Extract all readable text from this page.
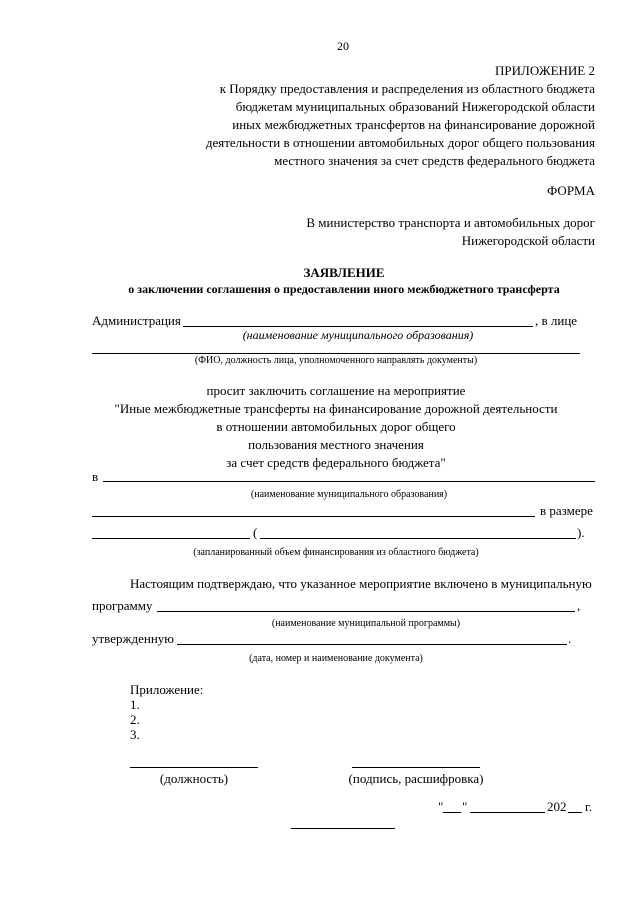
20
ПРИЛОЖЕНИЕ 2
к Порядку предоставления и распределения из областного бюджета
бюджетам муниципальных образований Нижегородской области
иных межбюджетных трансфертов на финансирование дорожной
деятельности в отношении автомобильных дорог общего пользования
местного значения за счет средств федерального бюджета
ФОРМА
В министерство транспорта и автомобильных дорог
Нижегородской области
ЗАЯВЛЕНИЕ
о заключении соглашения о предоставлении иного межбюджетного трансферта
Администрация	, в лице
(наименование муниципального образования)
(ФИО, должность лица, уполномоченного направлять документы)
просит заключить соглашение на мероприятие
"Иные межбюджетные трансферты на финансирование дорожной деятельности
в отношении автомобильных дорог общего
пользования местного значения
за счет средств федерального бюджета"
в
(наименование муниципального образования)
в размере
(	).
(запланированный объем финансирования из областного бюджета)
Настоящим подтверждаю, что указанное мероприятие включено в муниципальную
программу	,
(наименование муниципальной программы)
утвержденную	.
(дата, номер и наименование документа)
Приложение:
1.
2.
3.
(должность)	(подпись, расшифровка)
" "	202 г.
